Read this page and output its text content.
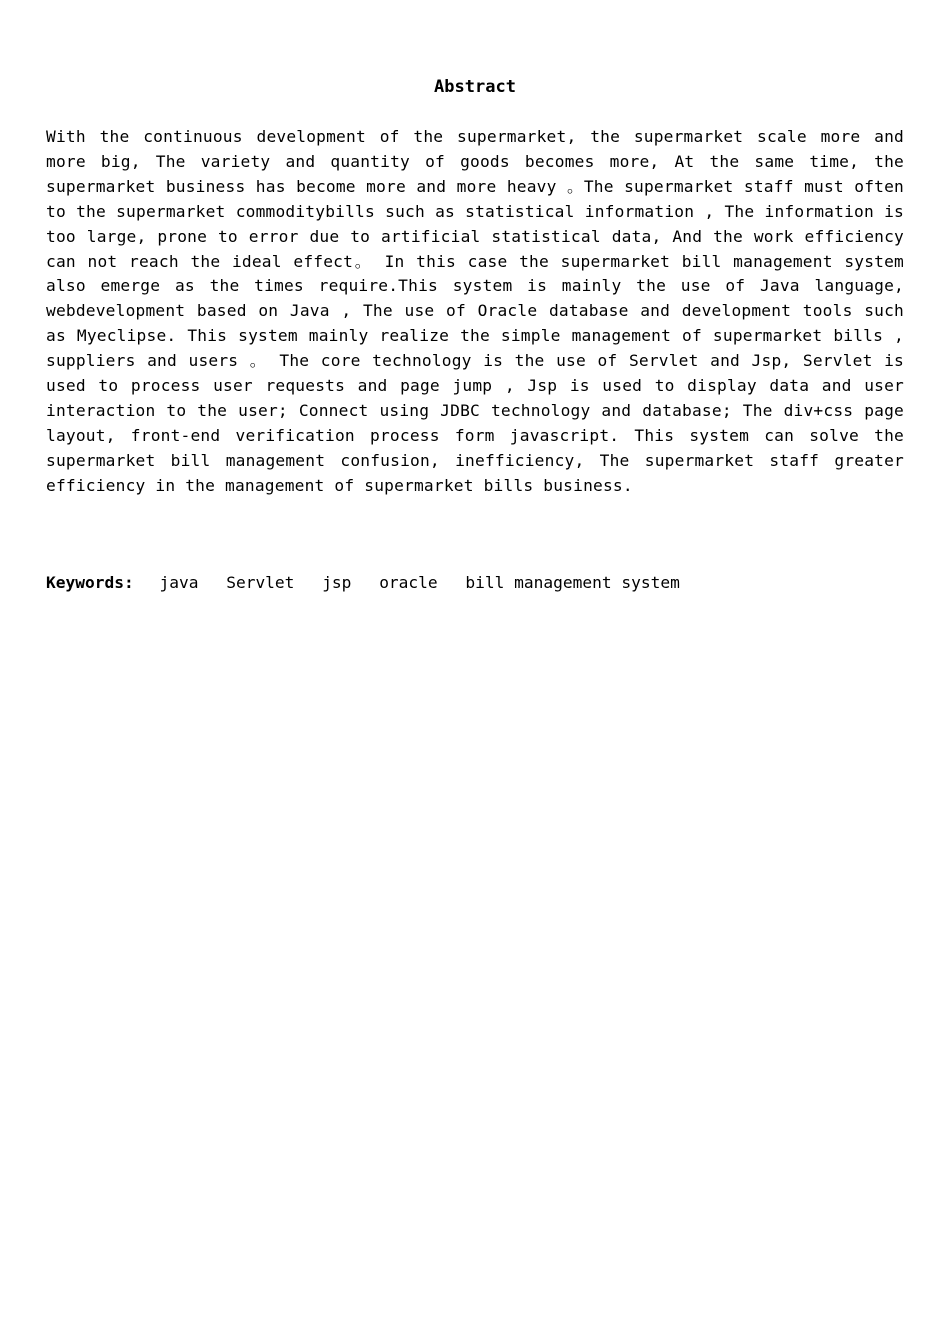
Abstract

With the continuous development of the supermarket, the supermarket scale more and more big, The variety and quantity of goods becomes more, At the same time, the supermarket business has become more and more heavy 。The supermarket staff must often to the supermarket commoditybills such as statistical information , The information is too large, prone to error due to artificial statistical data, And the work efficiency can not reach the ideal effect。 In this case the supermarket bill management system also emerge as the times require.This system is mainly the use of Java language, webdevelopment based on Java , The use of Oracle database and development tools such as Myeclipse. This system mainly realize the simple management of supermarket bills , suppliers and users 。 The core technology is the use of Servlet and Jsp, Servlet is used to process user requests and page jump , Jsp is used to display data and user interaction to the user; Connect using JDBC technology and database; The div+css page layout, front-end verification process form javascript. This system can solve the supermarket bill management confusion, inefficiency, The supermarket staff greater efficiency in the management of supermarket bills business.

Keywords: java Servlet jsp oracle bill management system
